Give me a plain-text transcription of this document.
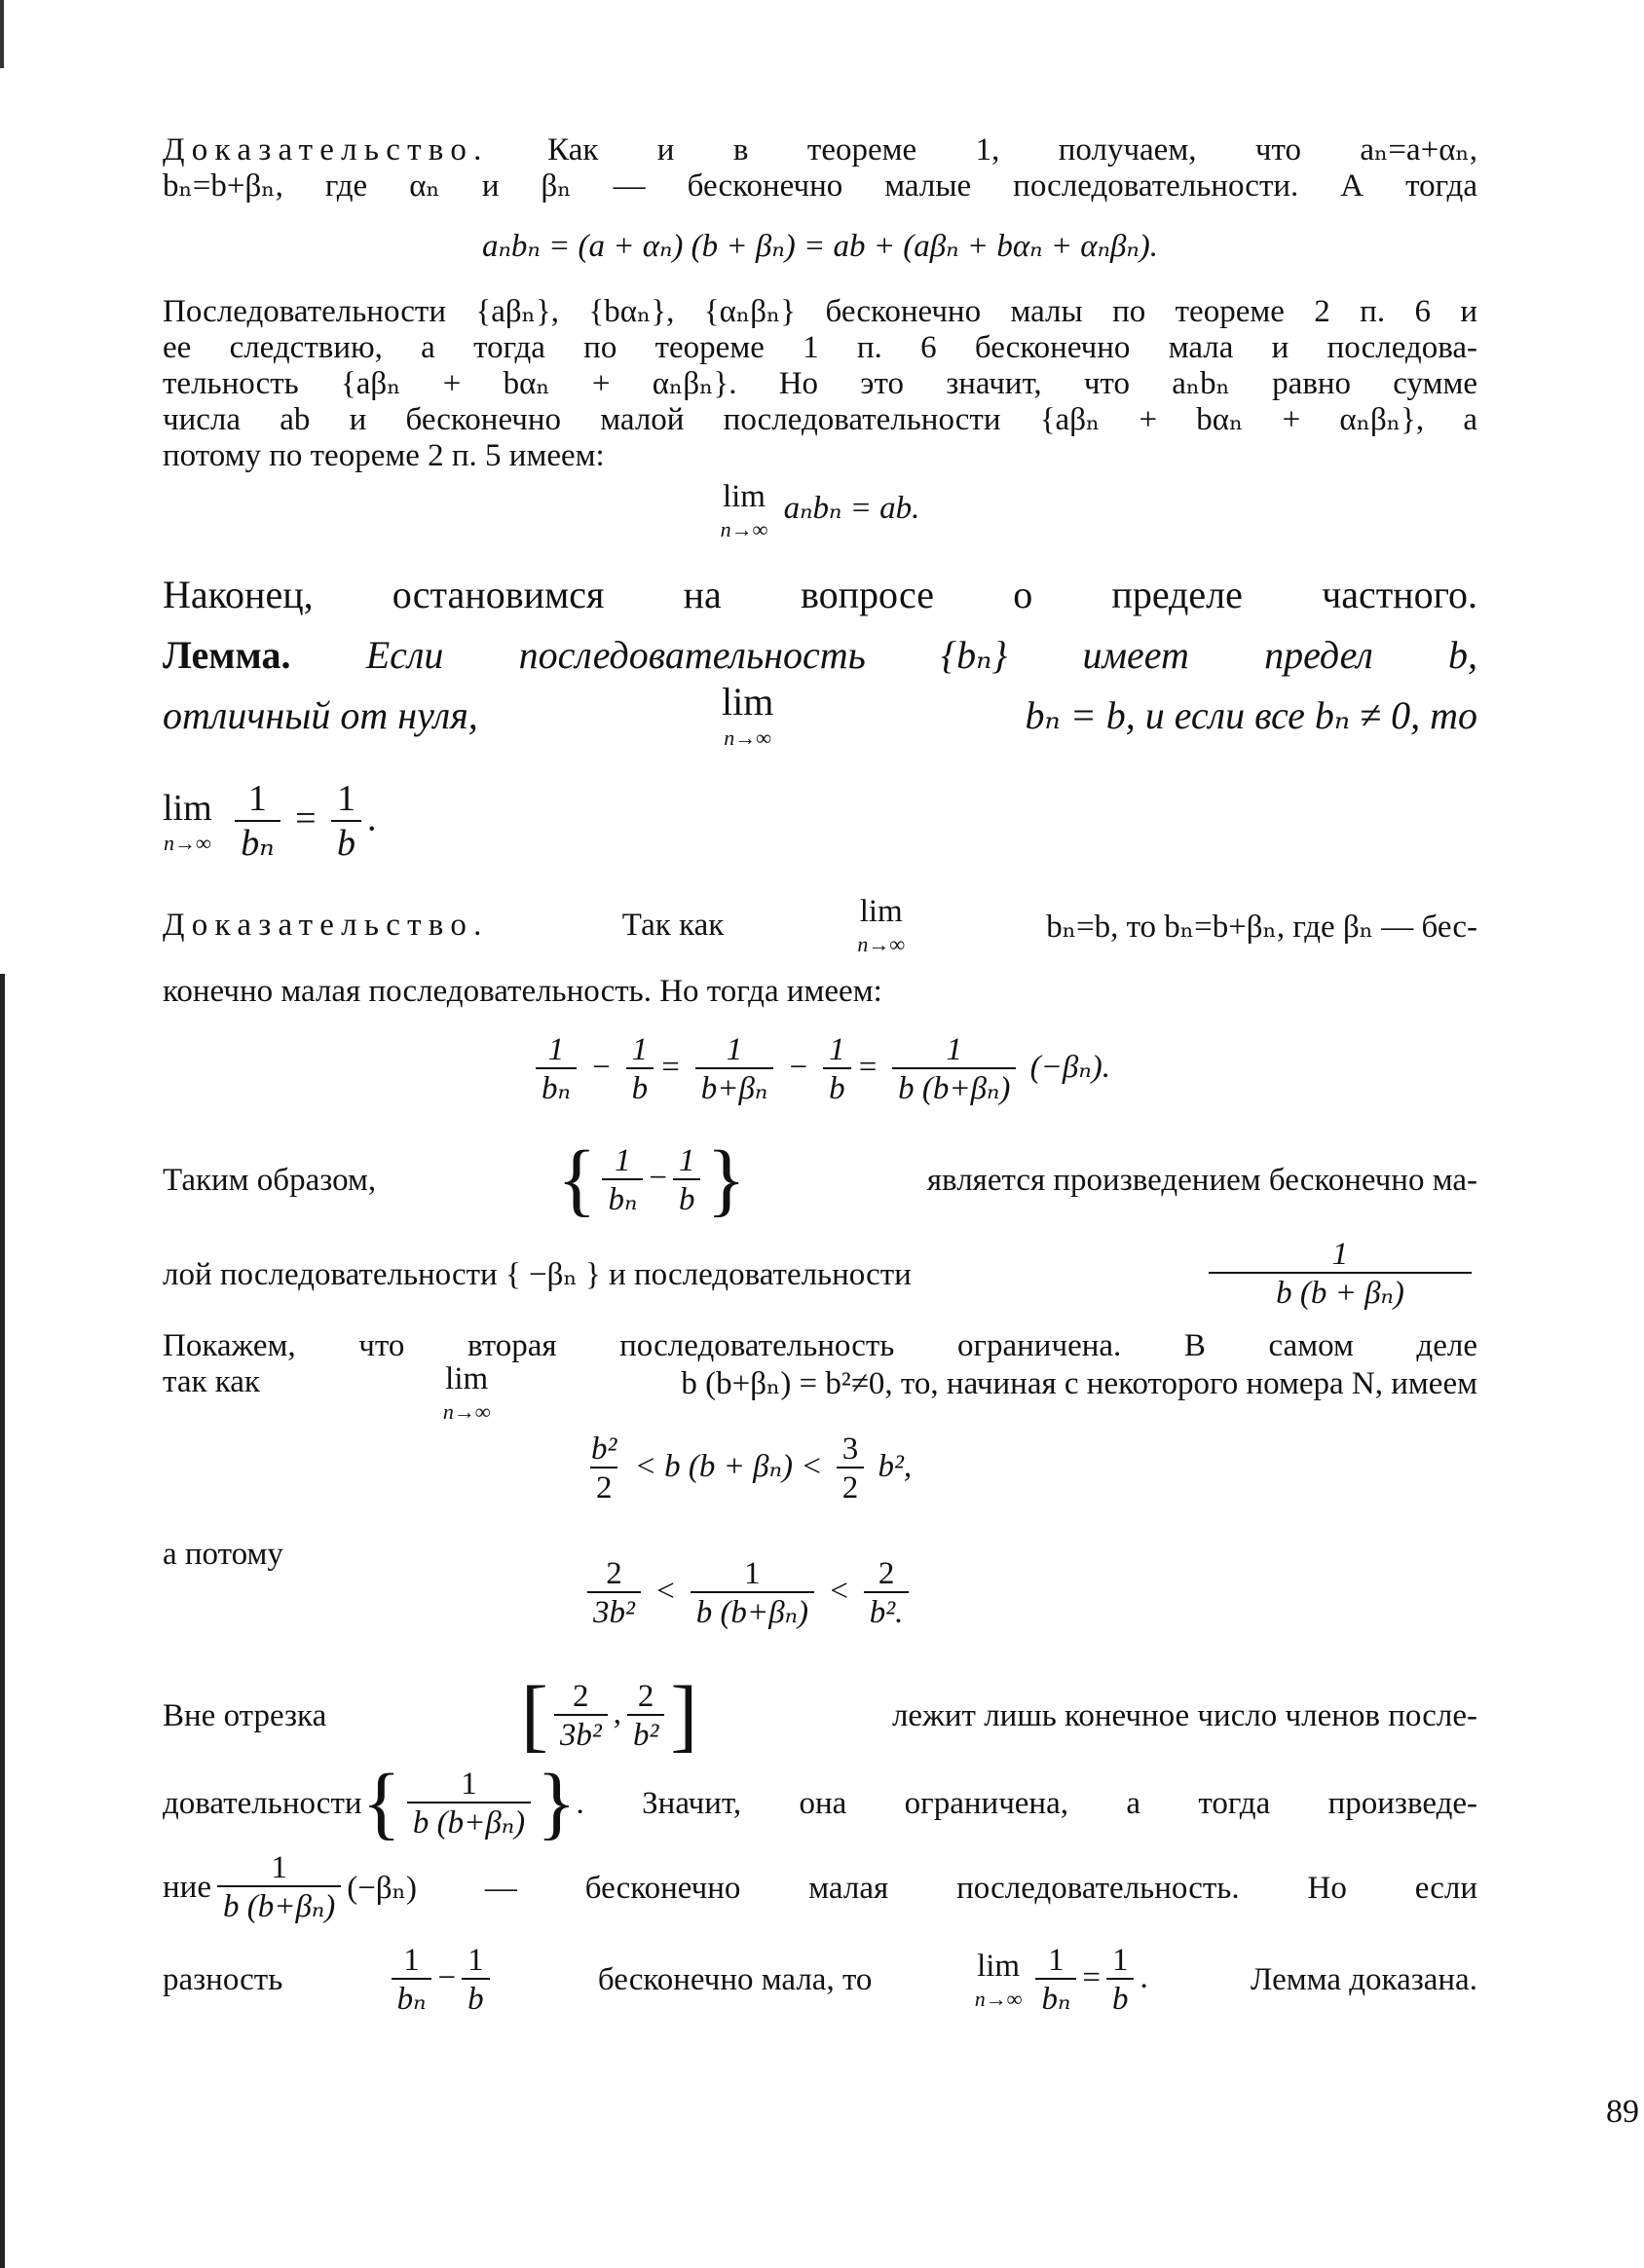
Доказательство. Как и в теореме 1, получаем, что aₙ=a+αₙ,

bₙ=b+βₙ, где αₙ и βₙ — бесконечно малые последовательности. А тогда

aₙbₙ = (a + αₙ) (b + βₙ) = ab + (aβₙ + bαₙ + αₙβₙ).

Последовательности {aβₙ}, {bαₙ}, {αₙβₙ} бесконечно малы по теореме 2 п. 6 и

ее следствию, а тогда по теореме 1 п. 6 бесконечно мала и последова-

тельность {aβₙ + bαₙ + αₙβₙ}. Но это значит, что aₙbₙ равно сумме

числа ab и бесконечно малой последовательности {aβₙ + bαₙ + αₙβₙ}, а

потому по теореме 2 п. 5 имеем:

lim
n→∞
aₙbₙ = ab.

Наконец, остановимся на вопросе о пределе частного.

Лемма. Если последовательность {bₙ} имеет предел b,

отличный от нуля,	lim
n→∞
bₙ = b, и если все bₙ ≠ 0, то
lim
n→∞
$\frac{1}{\text{bₙ}} = \frac{1}{b}$ .
Доказательство.	Так как	lim
n→∞	bₙ=b, то bₙ=b+βₙ, где βₙ — бес-

конечно малая последовательность. Но тогда имеем:

$\frac{1}{\text{bₙ}} - \frac{1}{b} = \frac{1}{\text{b+βₙ}} - \frac{1}{b} = \frac{1}{\text{b (b+βₙ)}} (-\beta_n)$.
Таким образом, { $\frac{1}{\text{bₙ}} - \frac{1}{b}$ }	является произведением бесконечно ма-
лой последовательности { −βₙ } и последовательности	$\frac{1}{\text{b (b + βₙ)}}$

Покажем, что вторая последовательность ограничена. В самом деле

так как	lim
n→∞
b (b+βₙ) = b²≠0, то, начиная с некоторого номера N, имеем
$\frac{\text{b²}}{2} < b$ $(b + \beta_n) < \frac{3}{2} b^2$,
а потому
$\frac{2}{\text{3b²}} < \frac{1}{\text{b (b+βₙ)}} < \frac{2}{\text{b².}}$
Вне отрезка [ $\frac{2}{\text{3b²}}$ , $\frac{2}{\text{b²}}$ ]	лежит лишь конечное число членов после-
довательности { $\frac{1}{\text{b (b+βₙ)}}$ } . Значит, она ограничена, а тогда произведе-
ние $\frac{1}{\text{b (b+βₙ)}} (-\beta_n)$ — бесконечно малая последовательность. Но если
разность	$\frac{1}{\text{bₙ}} - \frac{1}{b}$	бесконечно мала, то	lim
$n\to\infty \frac{1}{\text{bₙ}} = \frac{1}{b}$ .	Лемма доказана.
89
